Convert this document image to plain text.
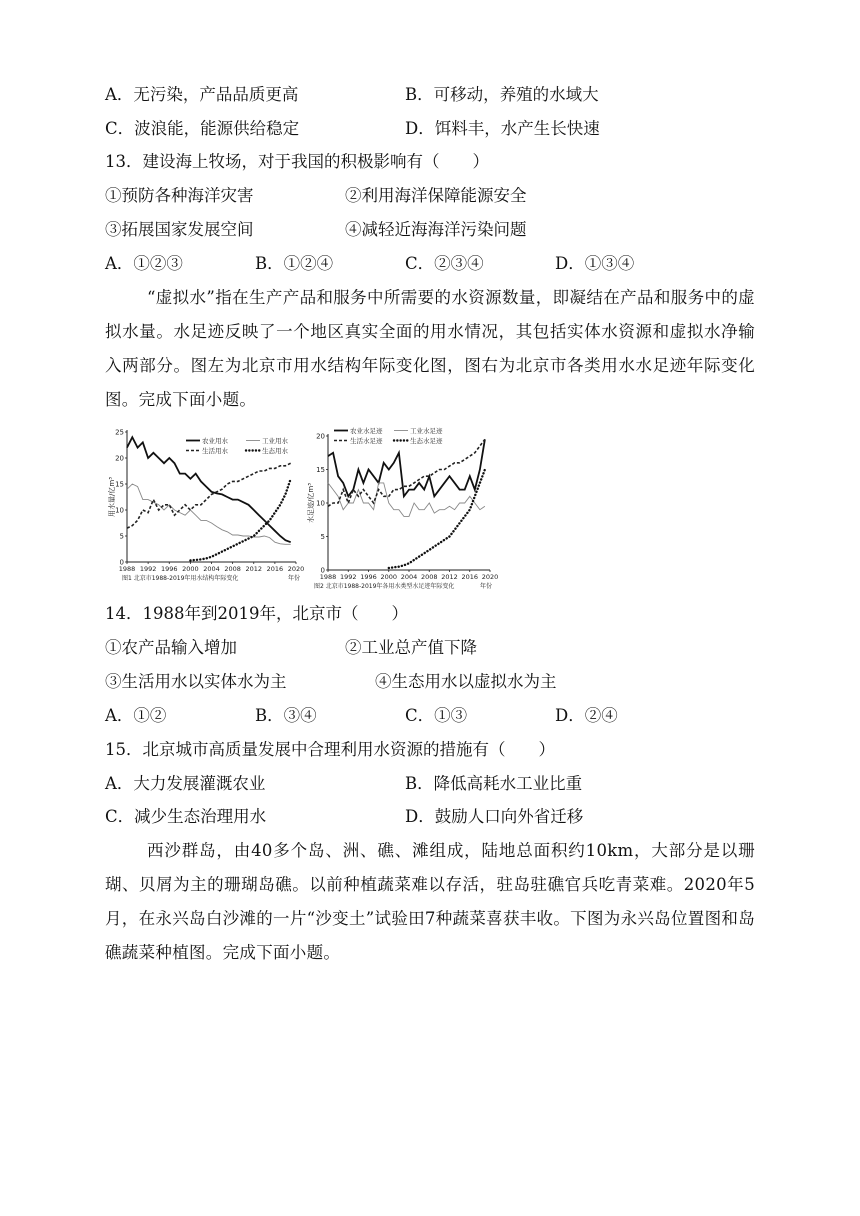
A．无污染，产品品质更高	B．可移动，养殖的水域大
C．波浪能，能源供给稳定	D．饵料丰，水产生长快速
13．建设海上牧场，对于我国的积极影响有（　　）
①预防各种海洋灾害	②利用海洋保障能源安全
③拓展国家发展空间	④减轻近海海洋污染问题
A．①②③	B．①②④	C．②③④	D．①③④
“虚拟水”指在生产产品和服务中所需要的水资源数量，即凝结在产品和服务中的虚拟水量。水足迹反映了一个地区真实全面的用水情况，其包括实体水资源和虚拟水净输入两部分。图左为北京市用水结构年际变化图，图右为北京市各类用水水足迹年际变化图。完成下面小题。
0
5
10
15
20
25
1988 1992 1996 2000 2004 2008 2012 2016 2020
用水量/亿m³
图1 北京市1988-2019年用水结构年际变化	年份
农业用水	工业用水
生活用水	生态用水
0
5
10
15
20
1988 1992 1996 2000 2004 2008 2012 2016 2020
水足迹/亿m³
图2 北京市1988-2019年各用水类型水足迹年际变化	年份
农业水足迹	工业水足迹
生活水足迹	生态水足迹
14．1988年到2019年，北京市（　　）
①农产品输入增加	②工业总产值下降
③生活用水以实体水为主	④生态用水以虚拟水为主
A．①②	B．③④	C．①③	D．②④
15．北京城市高质量发展中合理利用水资源的措施有（　　）
A．大力发展灌溉农业	B．降低高耗水工业比重
C．减少生态治理用水	D．鼓励人口向外省迁移
西沙群岛，由40多个岛、洲、礁、滩组成，陆地总面积约10km，大部分是以珊瑚、贝屑为主的珊瑚岛礁。以前种植蔬菜难以存活，驻岛驻礁官兵吃青菜难。2020年5月，在永兴岛白沙滩的一片“沙变土”试验田7种蔬菜喜获丰收。下图为永兴岛位置图和岛礁蔬菜种植图。完成下面小题。
